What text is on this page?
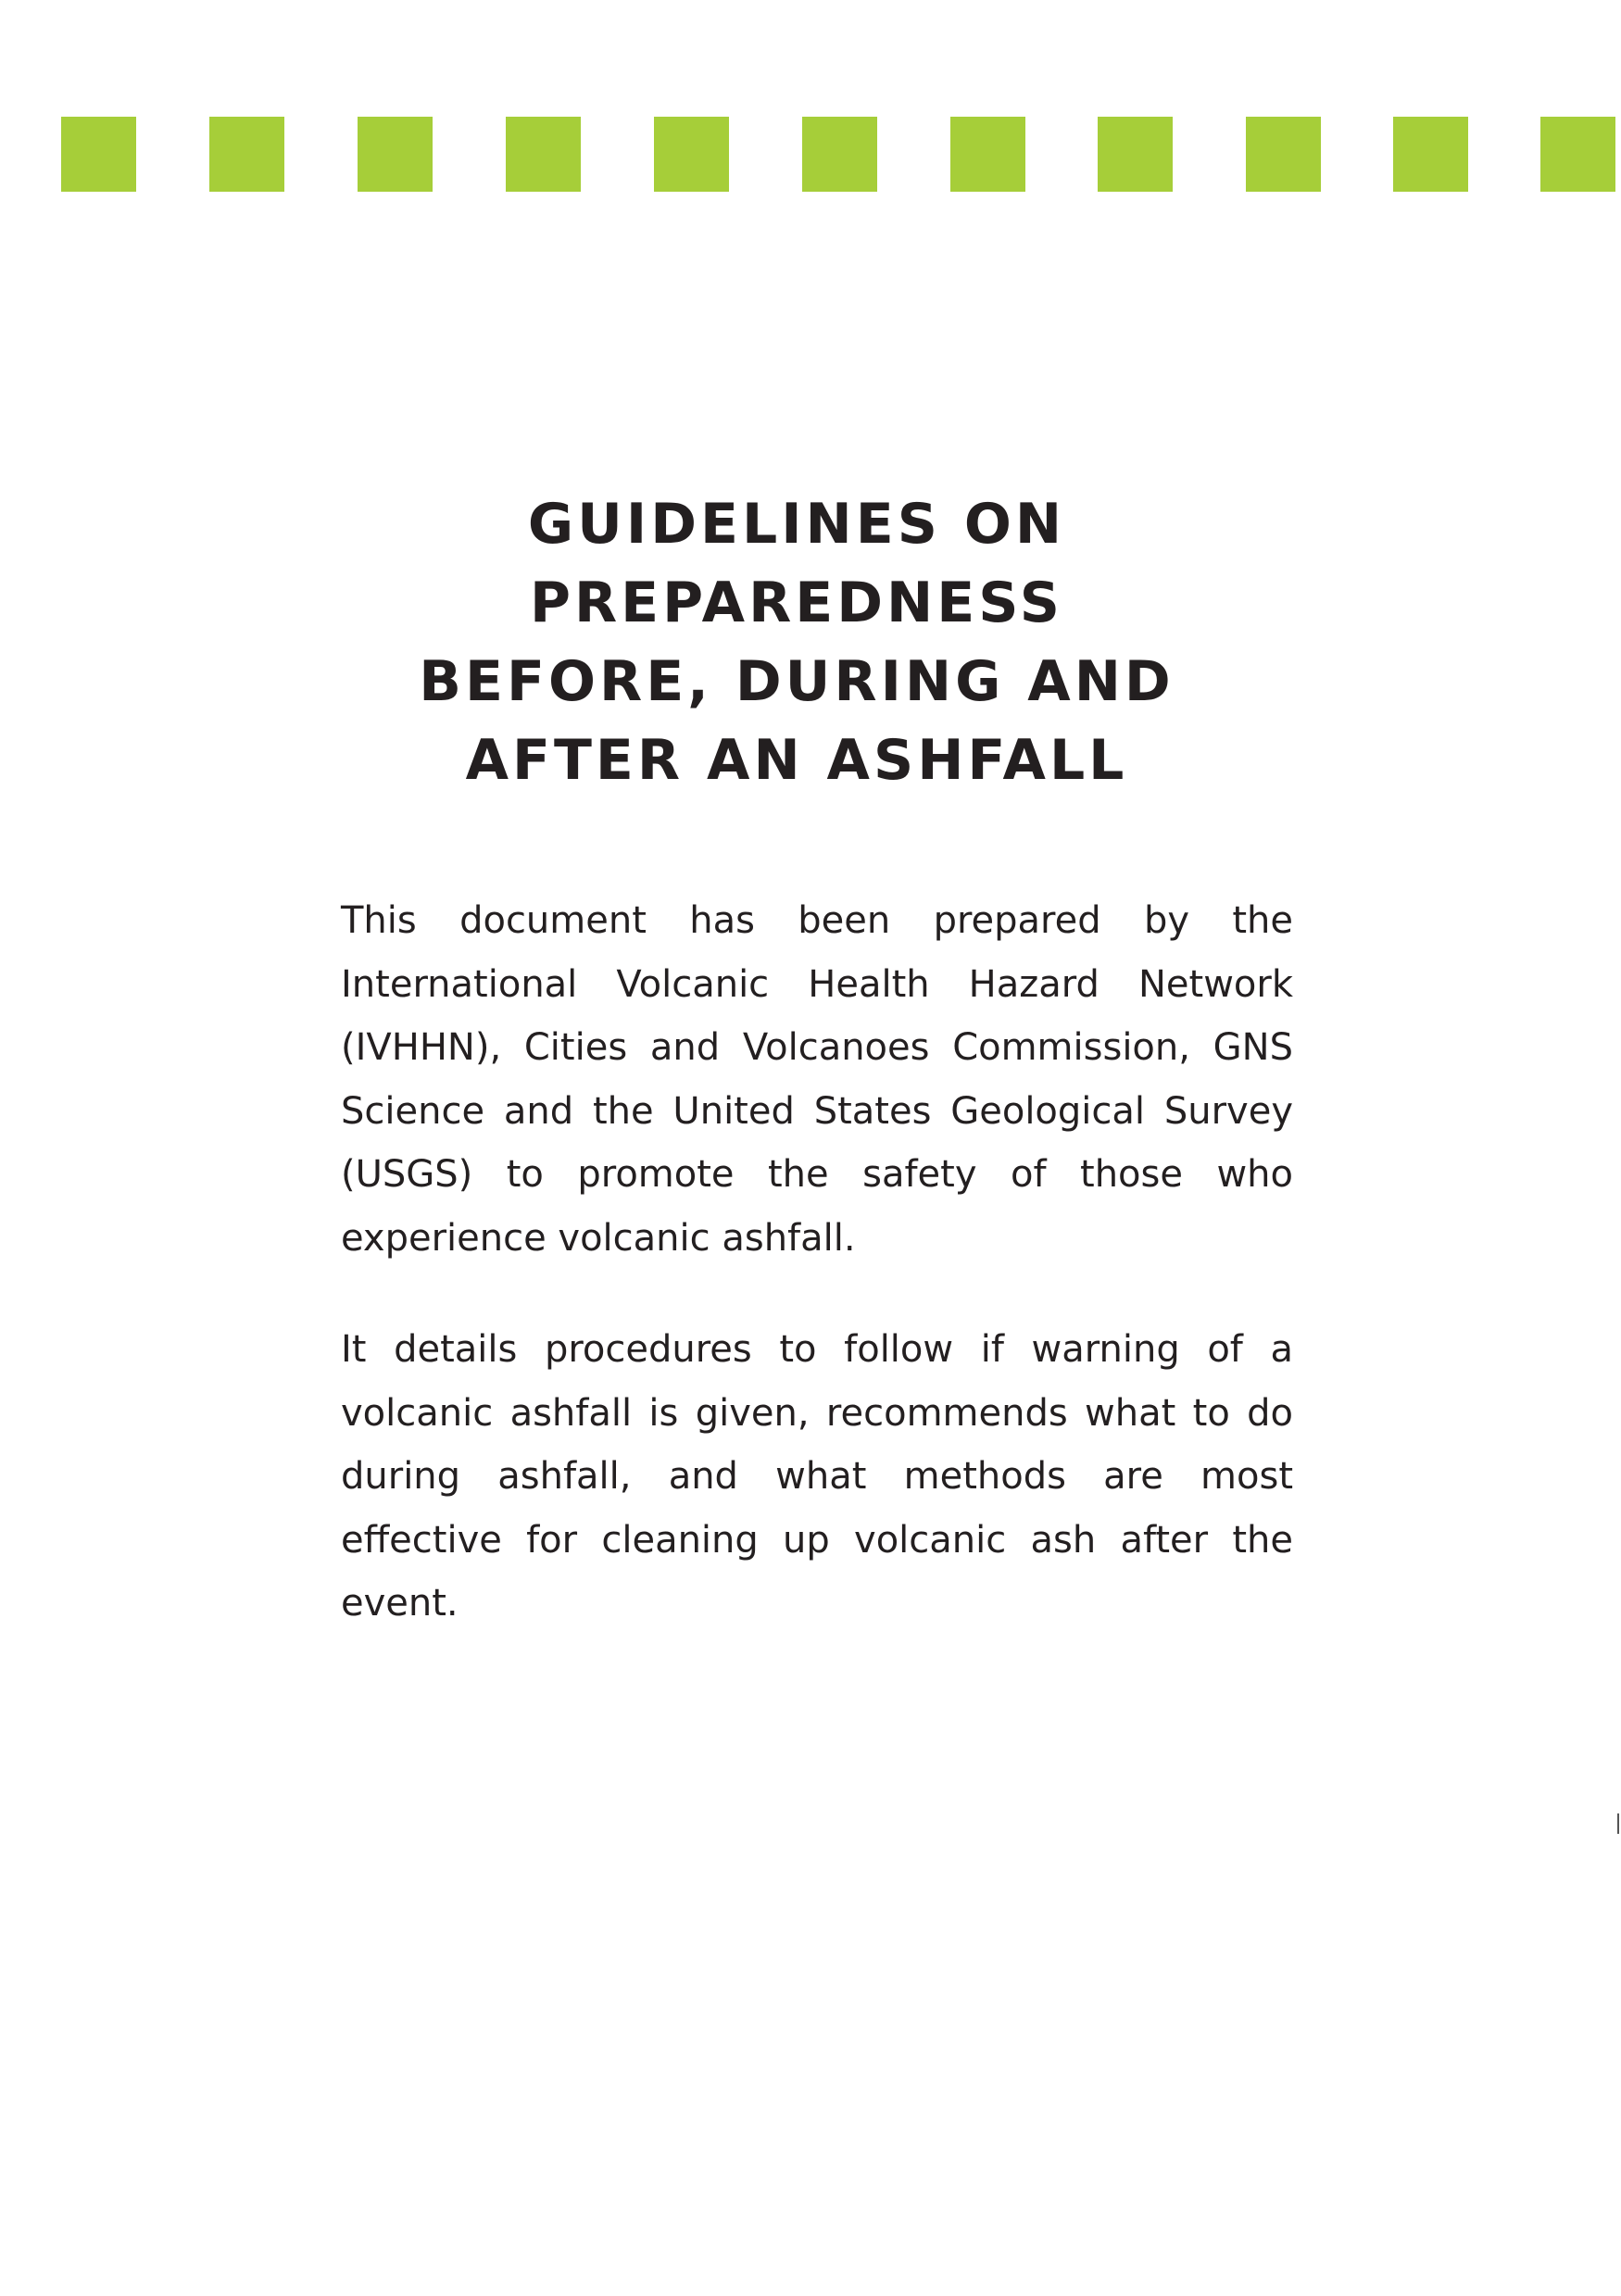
GUIDELINES ON
PREPAREDNESS
BEFORE, DURING AND
AFTER AN ASHFALL

This document has been prepared by the International Volcanic Health Hazard Network (IVHHN), Cities and Volcanoes Commission, GNS Science and the United States Geological Survey (USGS) to promote the safety of those who experience volcanic ashfall.

It details procedures to follow if warning of a volcanic ashfall is given, recommends what to do during ashfall, and what methods are most effective for cleaning up volcanic ash after the event.
